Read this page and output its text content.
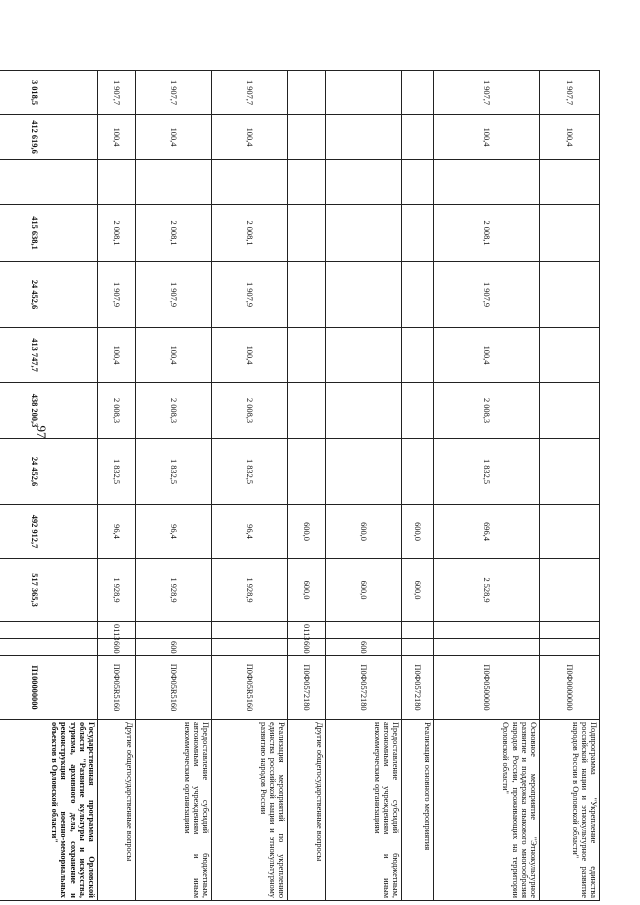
97
1 907,7	100,4											П0Ф0000000	Подпрограмма "Укрепление единства российской нации и этнокультурное развитие народов России в Орловской области"
1 907,7	100,4		2 008,1	1 907,9	100,4	2 008,3	1 832,5	696,4	2 528,9			П0Ф0500000	Основное мероприятие "Этнокультурное развитие и поддержка языкового многообразия народов России, проживающих на территории Орловской области"
								600,0	600,0			П0Ф0572180	Реализация основного мероприятия
								600,0	600,0		600	П0Ф0572180	Предоставление субсидий бюджетным, автономным учреждениям и иным некоммерческим организациям
								600,0	600,0	0113	600	П0Ф0572180	Другие общегосударственные вопросы
1 907,7	100,4		2 008,1	1 907,9	100,4	2 008,3	1 832,5	96,4	1 928,9			П0Ф05R5160	Реализация мероприятий по укреплению единства российской нации и этнокультурному развитию народов России
1 907,7	100,4		2 008,1	1 907,9	100,4	2 008,3	1 832,5	96,4	1 928,9		600	П0Ф05R5160	Предоставление субсидий бюджетным, автономным учреждениям и иным некоммерческим организациям
1 907,7	100,4		2 008,1	1 907,9	100,4	2 008,3	1 832,5	96,4	1 928,9	0113	600	П0Ф05R5160	Другие общегосударственные вопросы
3 018,5	412 619,6		415 638,1	24 452,6	413 747,7	438 200,3	24 452,6	492 912,7	517 365,3			П100000000	Государственная программа Орловской области "Развитие культуры и искусства, туризма, архивного дела, сохранение и реконструкция военно-мемориальных объектов в Орловской области"
